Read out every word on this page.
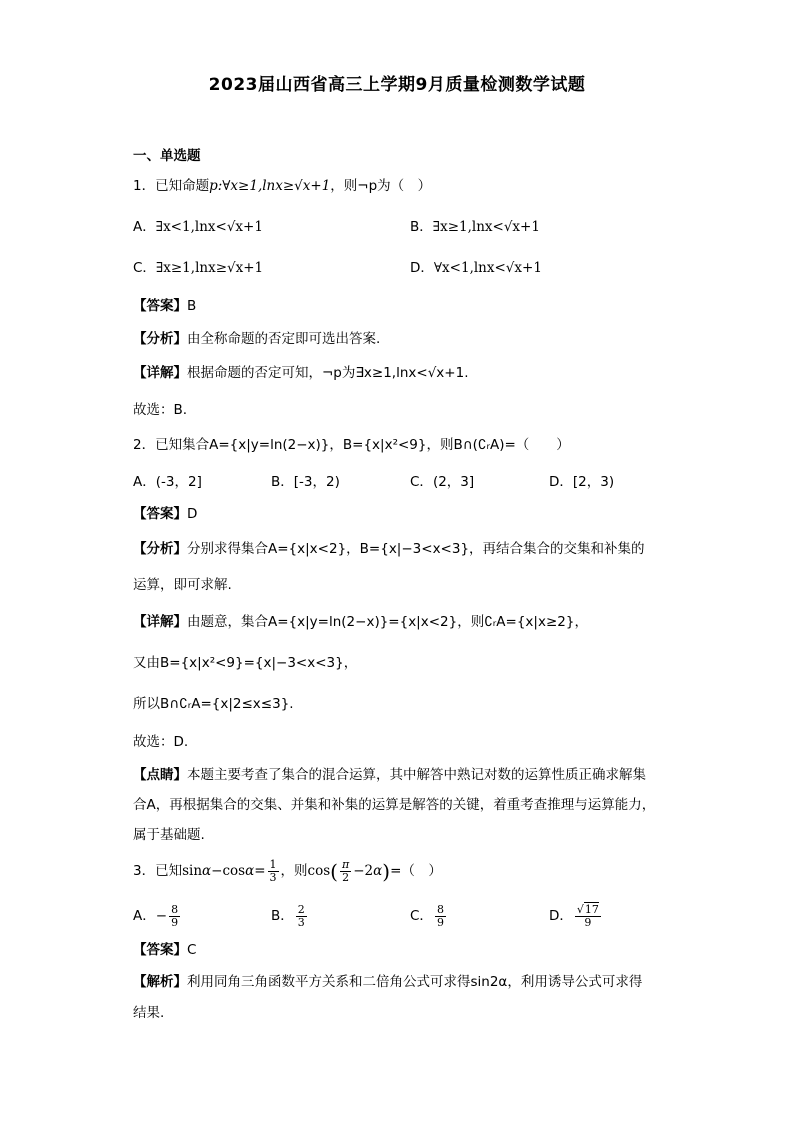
2023届山西省高三上学期9月质量检测数学试题
一、单选题
1．已知命题p:∀x≥1,lnx≥√x+1，则¬p为（　）
A．∃x<1,lnx<√x+1	B．∃x≥1,lnx<√x+1
C．∃x≥1,lnx≥√x+1	D．∀x<1,lnx<√x+1
【答案】B
【分析】由全称命题的否定即可选出答案.
【详解】根据命题的否定可知，¬p为∃x≥1,lnx<√x+1.
故选：B.
2．已知集合A={x|y=ln(2−x)}，B={x|x²<9}，则B∩(∁ᵣA)=（　　）
A．(-3，2]	B．[-3，2)	C．(2，3]	D．[2，3)
【答案】D
【分析】分别求得集合A={x|x<2}，B={x|−3<x<3}，再结合集合的交集和补集的
运算，即可求解.
【详解】由题意，集合A={x|y=ln(2−x)}={x|x<2}，则∁ᵣA={x|x≥2}，
又由B={x|x²<9}={x|−3<x<3}，
所以B∩∁ᵣA={x|2≤x≤3}.
故选：D.
【点睛】本题主要考查了集合的混合运算，其中解答中熟记对数的运算性质正确求解集
合A，再根据集合的交集、并集和补集的运算是解答的关键，着重考查推理与运算能力，
属于基础题.
3．已知$\sin\alpha-\cos\alpha= \frac{1}{3}$ ，则$\cos( \frac{\pi}{2} -2\alpha)=$（　）
A．− $\frac{8}{9}$	B． $\frac{2}{3}$	C． $\frac{8}{9}$	D． $\frac{√17}{9}$
【答案】C
【解析】利用同角三角函数平方关系和二倍角公式可求得sin2α，利用诱导公式可求得
结果.
